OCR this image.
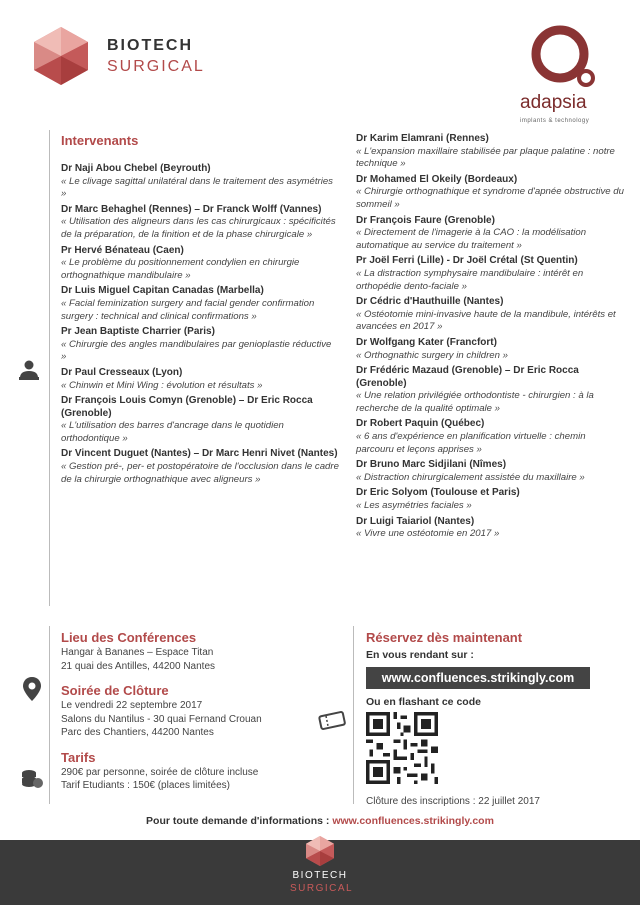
BIOTECH
SURGICAL
adapsia
implants & technology
Intervenants
Dr Naji Abou Chebel (Beyrouth)
« Le clivage sagittal unilatéral dans le traitement des asymétries »
Dr Marc Behaghel (Rennes) – Dr Franck Wolff (Vannes)
« Utilisation des aligneurs dans les cas chirurgicaux : spécificités de la préparation, de la finition et de la phase chirurgicale »
Pr Hervé Bénateau (Caen)
« Le problème du positionnement condylien en chirurgie orthognathique mandibulaire »
Dr Luis Miguel Capitan Canadas (Marbella)
« Facial feminization surgery and facial gender confirmation surgery : technical and clinical confirmations »
Pr Jean Baptiste Charrier (Paris)
« Chirurgie des angles mandibulaires par genioplastie réductive »
Dr Paul Cresseaux (Lyon)
« Chinwin et Mini Wing : évolution et résultats »
Dr François Louis Comyn (Grenoble) – Dr Eric Rocca (Grenoble)
« L'utilisation des barres d'ancrage dans le quotidien orthodontique »
Dr Vincent Duguet (Nantes) – Dr Marc Henri Nivet (Nantes)
« Gestion pré-, per- et postopératoire de l'occlusion dans le cadre de la chirurgie orthognathique avec aligneurs »
Dr Karim Elamrani (Rennes)
« L'expansion maxillaire stabilisée par plaque palatine : notre technique »
Dr Mohamed El Okeily (Bordeaux)
« Chirurgie orthognathique et syndrome d'apnée obstructive du sommeil »
Dr François Faure (Grenoble)
« Directement de l'imagerie à la CAO : la modélisation automatique au service du traitement »
Pr Joël Ferri (Lille) - Dr Joël Crétal (St Quentin)
« La distraction symphysaire mandibulaire : intérêt en orthopédie dento-faciale »
Dr Cédric d'Hauthuille (Nantes)
« Ostéotomie mini-invasive haute de la mandibule, intérêts et avancées en 2017 »
Dr Wolfgang Kater (Francfort)
« Orthognathic surgery in children »
Dr Frédéric Mazaud (Grenoble) – Dr Eric Rocca (Grenoble)
« Une relation privilégiée orthodontiste - chirurgien : à la recherche de la qualité optimale »
Dr Robert Paquin (Québec)
« 6 ans d'expérience en planification virtuelle : chemin parcouru et leçons apprises »
Dr Bruno Marc Sidjilani (Nîmes)
« Distraction chirurgicalement assistée du maxillaire »
Dr Eric Solyom (Toulouse et Paris)
« Les asymétries faciales »
Dr Luigi Taiariol (Nantes)
« Vivre une ostéotomie en 2017 »
Lieu des Conférences
Hangar à Bananes – Espace Titan
21 quai des Antilles, 44200 Nantes
Soirée de Clôture
Le vendredi 22 septembre 2017
Salons du Nantilus - 30 quai Fernand Crouan
Parc des Chantiers, 44200 Nantes
Tarifs
290€ par personne, soirée de clôture incluse
Tarif Etudiants : 150€ (places limitées)
Réservez dès maintenant
En vous rendant sur :
www.confluences.strikingly.com
Ou en flashant ce code
Clôture des inscriptions : 22 juillet 2017
Pour toute demande d'informations : www.confluences.strikingly.com
BIOTECH
SURGICAL
